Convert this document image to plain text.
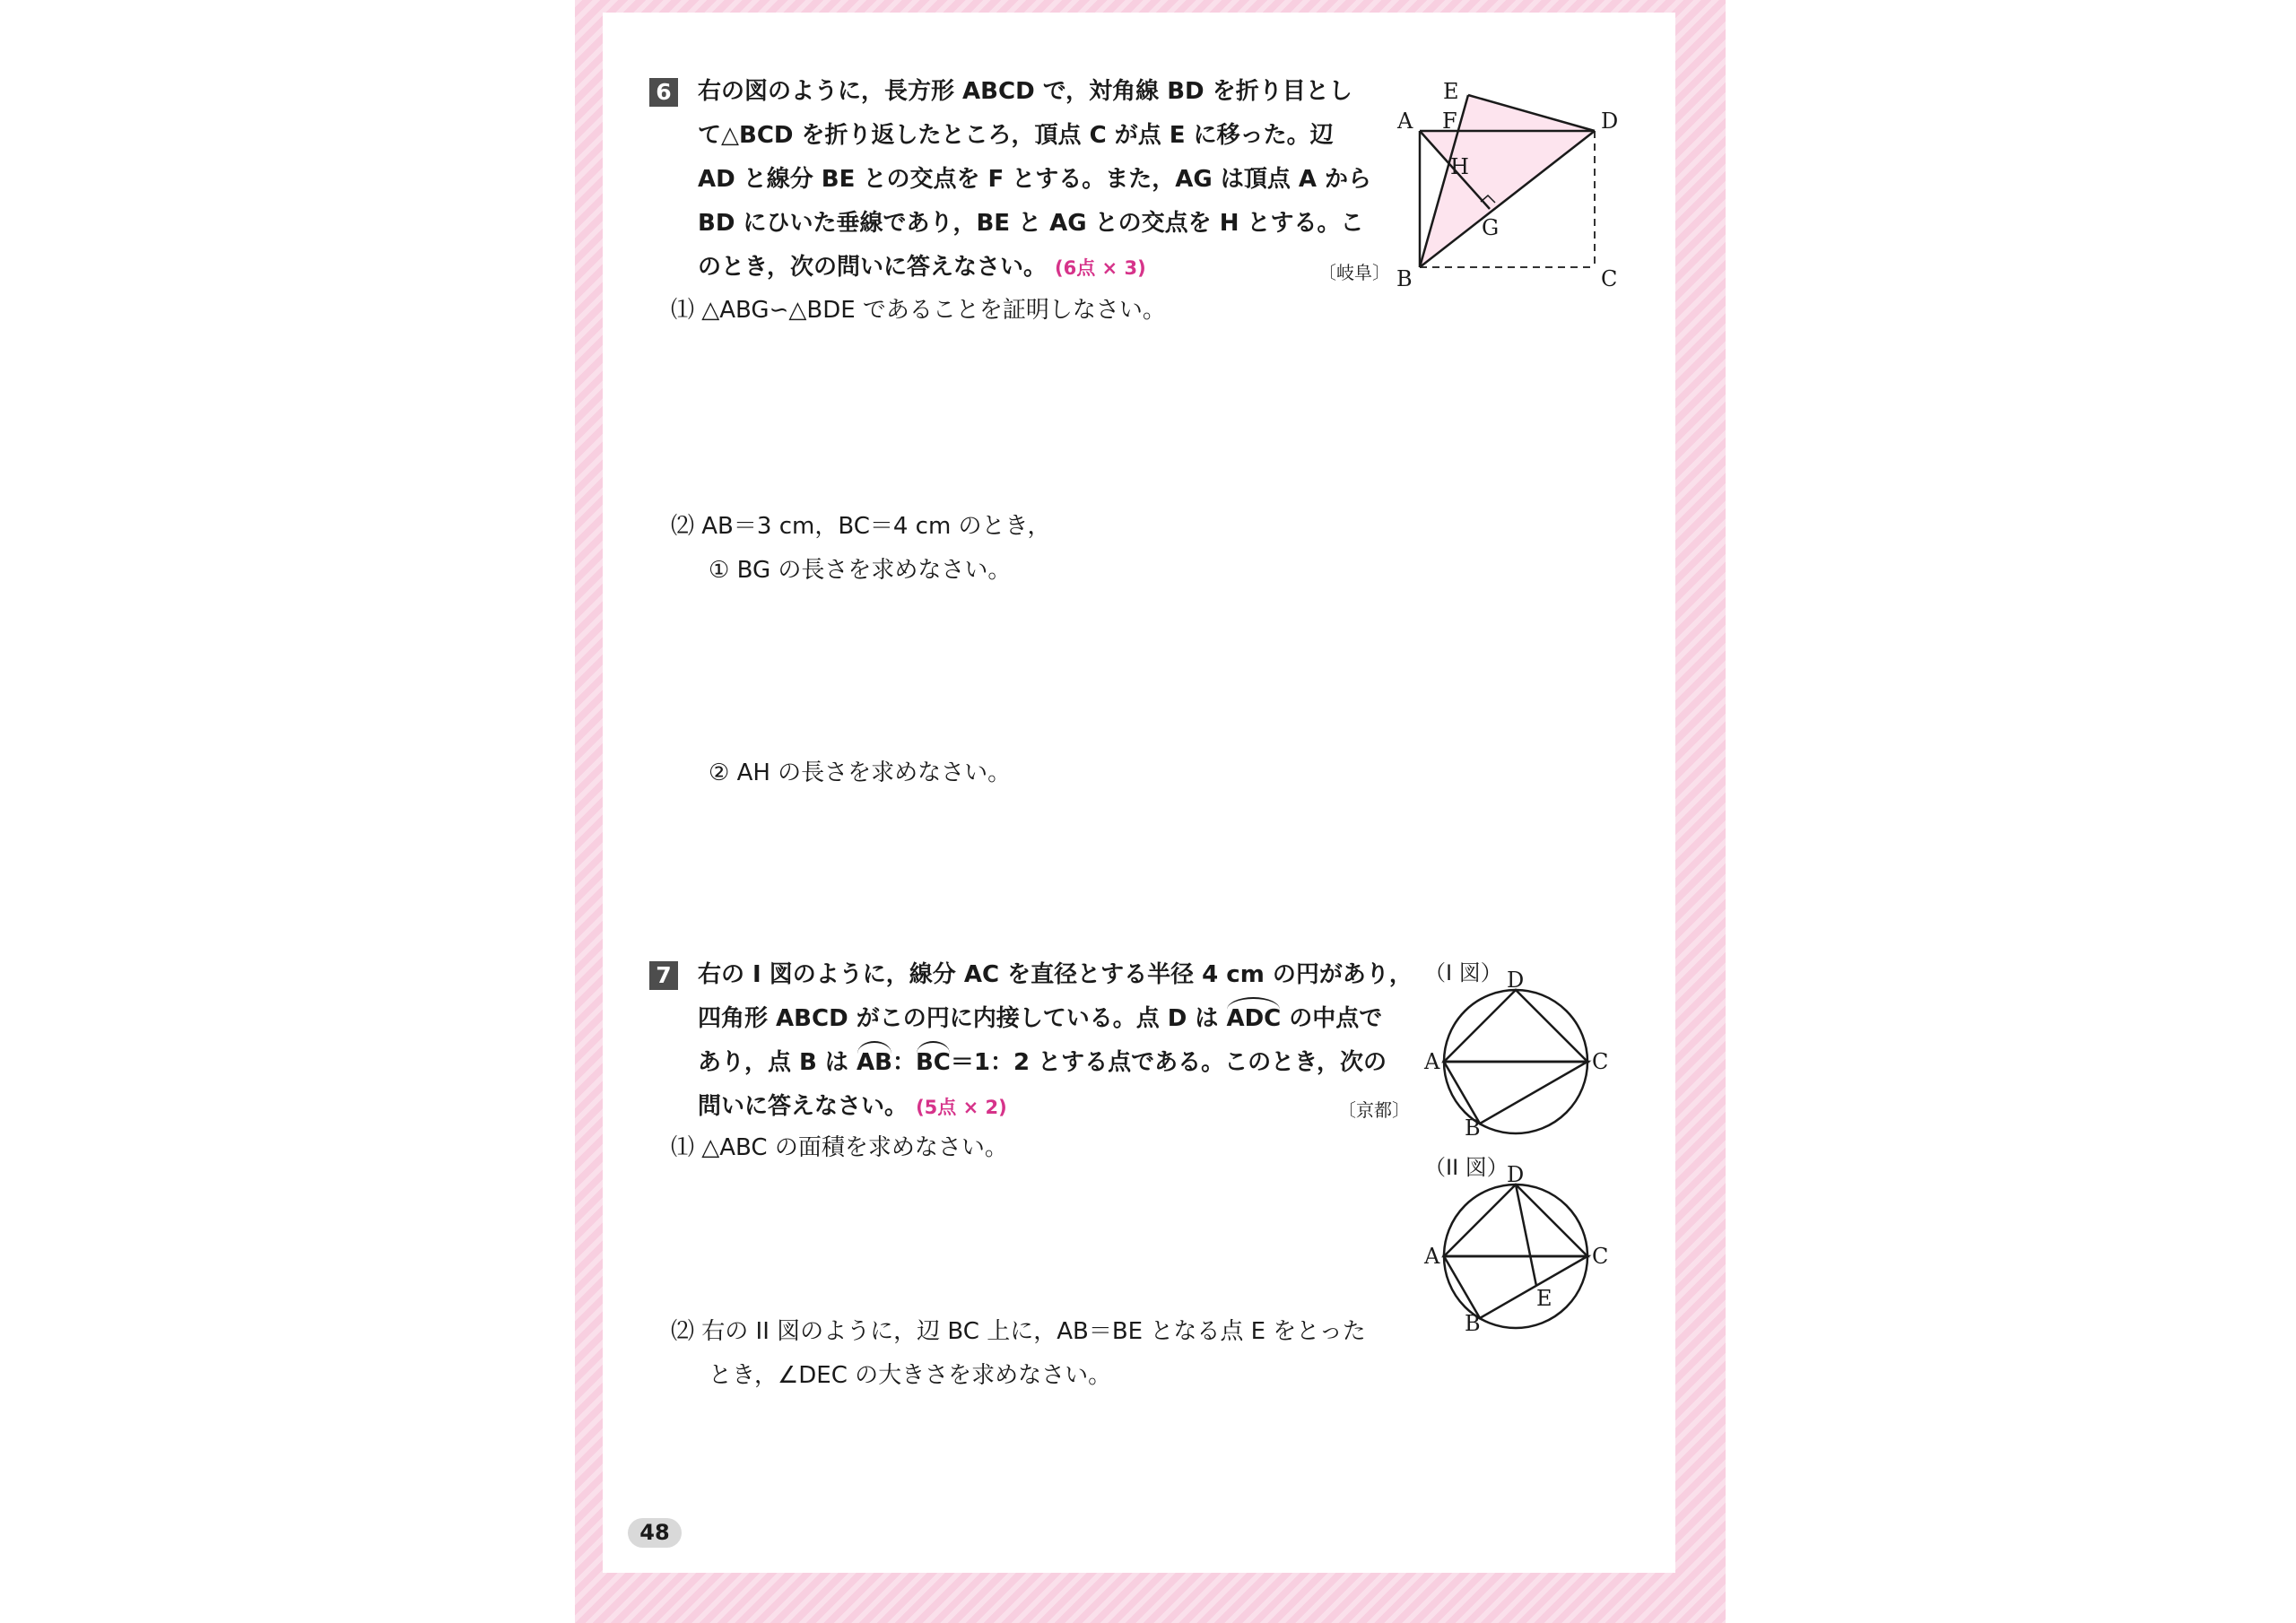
6 右の図のように，長方形 ABCD で，対角線 BD を折り目とし
て△BCD を折り返したところ，頂点 C が点 E に移った。辺
AD と線分 BE との交点を F とする。また，AG は頂点 A から
BD にひいた垂線であり，BE と AG との交点を H とする。こ
のとき，次の問いに答えなさい。 (6点 × 3)	〔岐阜〕
A F
E
D
H
G
B	C
⑴ △ABG∽△BDE であることを証明しなさい。
⑵ AB＝3 cm，BC＝4 cm のとき，
① BG の長さを求めなさい。
② AH の長さを求めなさい。
7 右の I 図のように，線分 AC を直径とする半径 4 cm の円があり，
四角形 ABCD がこの円に内接している。点 D は ADC の中点で
あり，点 B は AB：BC＝1：2 とする点である。このとき，次の
問いに答えなさい。 (5点 × 2)	〔京都〕
⑴ △ABC の面積を求めなさい。
⑵ 右の II 図のように，辺 BC 上に，AB＝BE となる点 E をとった
とき，∠DEC の大きさを求めなさい。
（I 図） D
A	C
B
（II 図）
D
A	C
E
B
48
